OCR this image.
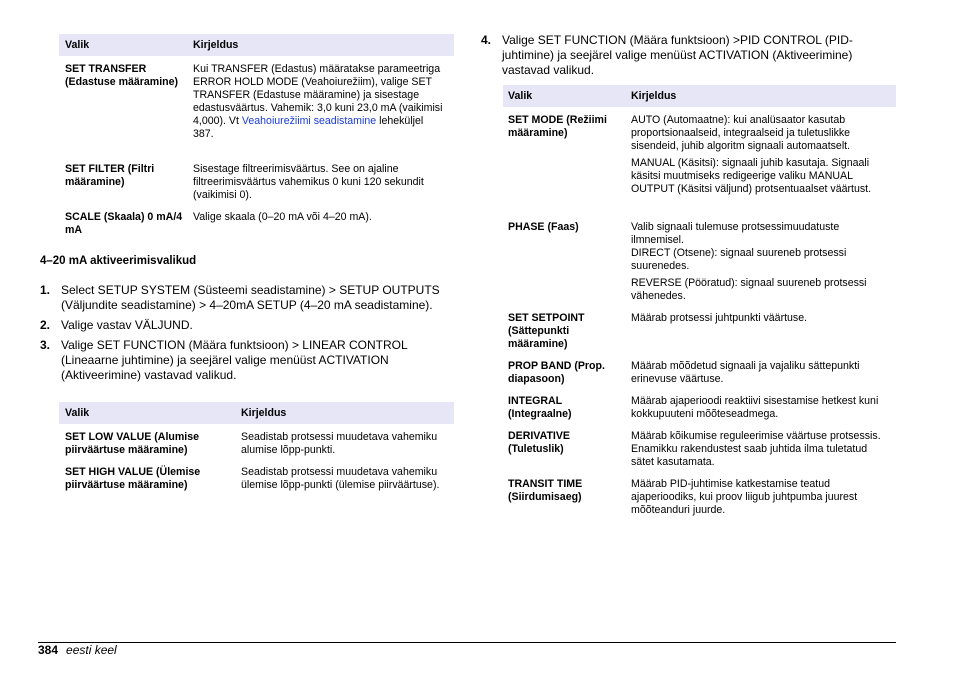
Valik	Kirjeldus
SET TRANSFER (Edastuse määramine)	Kui TRANSFER (Edastus) määratakse parameetriga ERROR HOLD MODE (Veahoiurežiim), valige SET TRANSFER (Edastuse määramine) ja sisestage edastusväärtus. Vahemik: 3,0 kuni 23,0 mA (vaikimisi 4,000). Vt Veahoiurežiimi seadistamine leheküljel 387.
SET FILTER (Filtri määramine)	Sisestage filtreerimisväärtus. See on ajaline filtreerimisväärtus vahemikus 0 kuni 120 sekundit (vaikimisi 0).
SCALE (Skaala) 0 mA/4 mA	Valige skaala (0–20 mA või 4–20 mA).
4–20 mA aktiveerimisvalikud
1. Select SETUP SYSTEM (Süsteemi seadistamine) > SETUP OUTPUTS (Väljundite seadistamine) > 4–20mA SETUP (4–20 mA seadistamine).
2. Valige vastav VÄLJUND.
3. Valige SET FUNCTION (Määra funktsioon) > LINEAR CONTROL (Lineaarne juhtimine) ja seejärel valige menüüst ACTIVATION (Aktiveerimine) vastavad valikud.
Valik	Kirjeldus
SET LOW VALUE (Alumise piirväärtuse määramine)	Seadistab protsessi muudetava vahemiku alumise lõpp-punkti.
SET HIGH VALUE (Ülemise piirväärtuse määramine)	Seadistab protsessi muudetava vahemiku ülemise lõpp-punkti (ülemise piirväärtuse).
4. Valige SET FUNCTION (Määra funktsioon) >PID CONTROL (PID-juhtimine) ja seejärel valige menüüst ACTIVATION (Aktiveerimine) vastavad valikud.
Valik	Kirjeldus
SET MODE (Režiimi määramine)	AUTO (Automaatne): kui analüsaator kasutab proportsionaalseid, integraalseid ja tuletuslikke sisendeid, juhib algoritm signaali automaatselt.
MANUAL (Käsitsi): signaali juhib kasutaja. Signaali käsitsi muutmiseks redigeerige valiku MANUAL OUTPUT (Käsitsi väljund) protsentuaalset väärtust.

PHASE (Faas)	Valib signaali tulemuse protsessimuudatuste ilmnemisel.
DIRECT (Otsene): signaal suureneb protsessi suurenedes.
REVERSE (Pööratud): signaal suureneb protsessi vähenedes.

SET SETPOINT (Sättepunkti määramine)	Määrab protsessi juhtpunkti väärtuse.
PROP BAND (Prop. diapasoon)	Määrab mõõdetud signaali ja vajaliku sättepunkti erinevuse väärtuse.
INTEGRAL (Integraalne)	Määrab ajaperioodi reaktiivi sisestamise hetkest kuni kokkupuuteni mõõteseadmega.
DERIVATIVE (Tuletuslik)	Määrab kõikumise reguleerimise väärtuse protsessis. Enamikku rakendustest saab juhtida ilma tuletatud sätet kasutamata.
TRANSIT TIME (Siirdumisaeg)	Määrab PID-juhtimise katkestamise teatud ajaperioodiks, kui proov liigub juhtpumba juurest mõõteanduri juurde.
384 eesti keel
